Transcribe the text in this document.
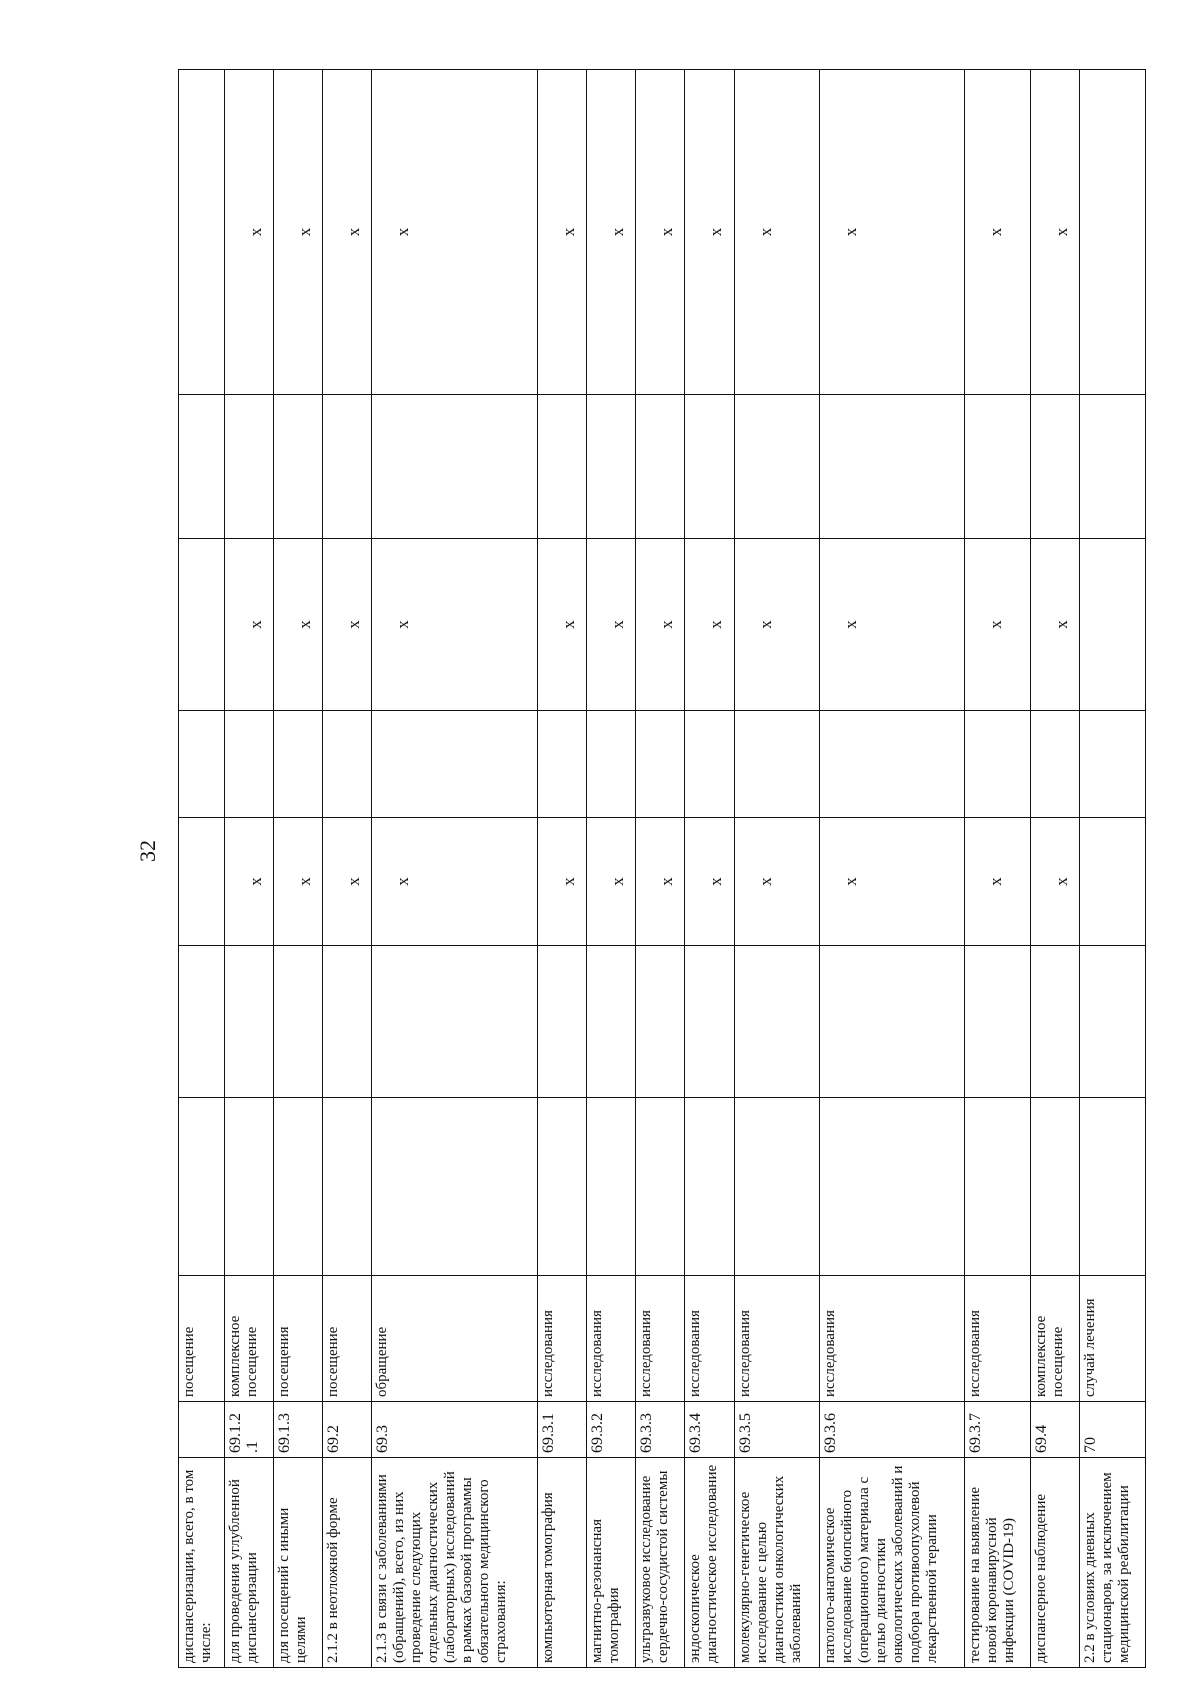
32
диспансеризации, всего, в том числе:		посещение							
для проведения углубленной диспансеризации	69.1.2 .1	комплексное посещение			х		х		х
для посещений с иными целями	69.1.3	посещения			х		х		х
2.1.2 в неотложной форме	69.2	посещение			х		х		х
2.1.3 в связи с заболеваниями (обращений), всего, из них проведение следующих отдельных диагностических (лабораторных) исследований в рамках базовой программы обязательного медицинского страхования:	69.3	обращение			х		х		х
компьютерная томография	69.3.1	исследования			х		х		х
магнитно-резонансная томография	69.3.2	исследования			х		х		х
ультразвуковое исследование сердечно-сосудистой системы	69.3.3	исследования			х		х		х
эндоскопическое диагностическое исследование	69.3.4	исследования			х		х		х
молекулярно-генетическое исследование с целью диагностики онкологических заболеваний	69.3.5	исследования			х		х		х
патолого-анатомическое исследование биопсийного (операционного) материала с целью диагностики онкологических заболеваний и подбора противоопухолевой лекарственной терапии	69.3.6	исследования			х		х		х
тестирование на выявление новой коронавирусной инфекции (COVID-19)	69.3.7	исследования			х		х		х
диспансерное наблюдение	69.4	комплексное посещение			х		х		х
2.2 в условиях дневных стационаров, за исключением медицинской реабилитации	70	случай лечения							
